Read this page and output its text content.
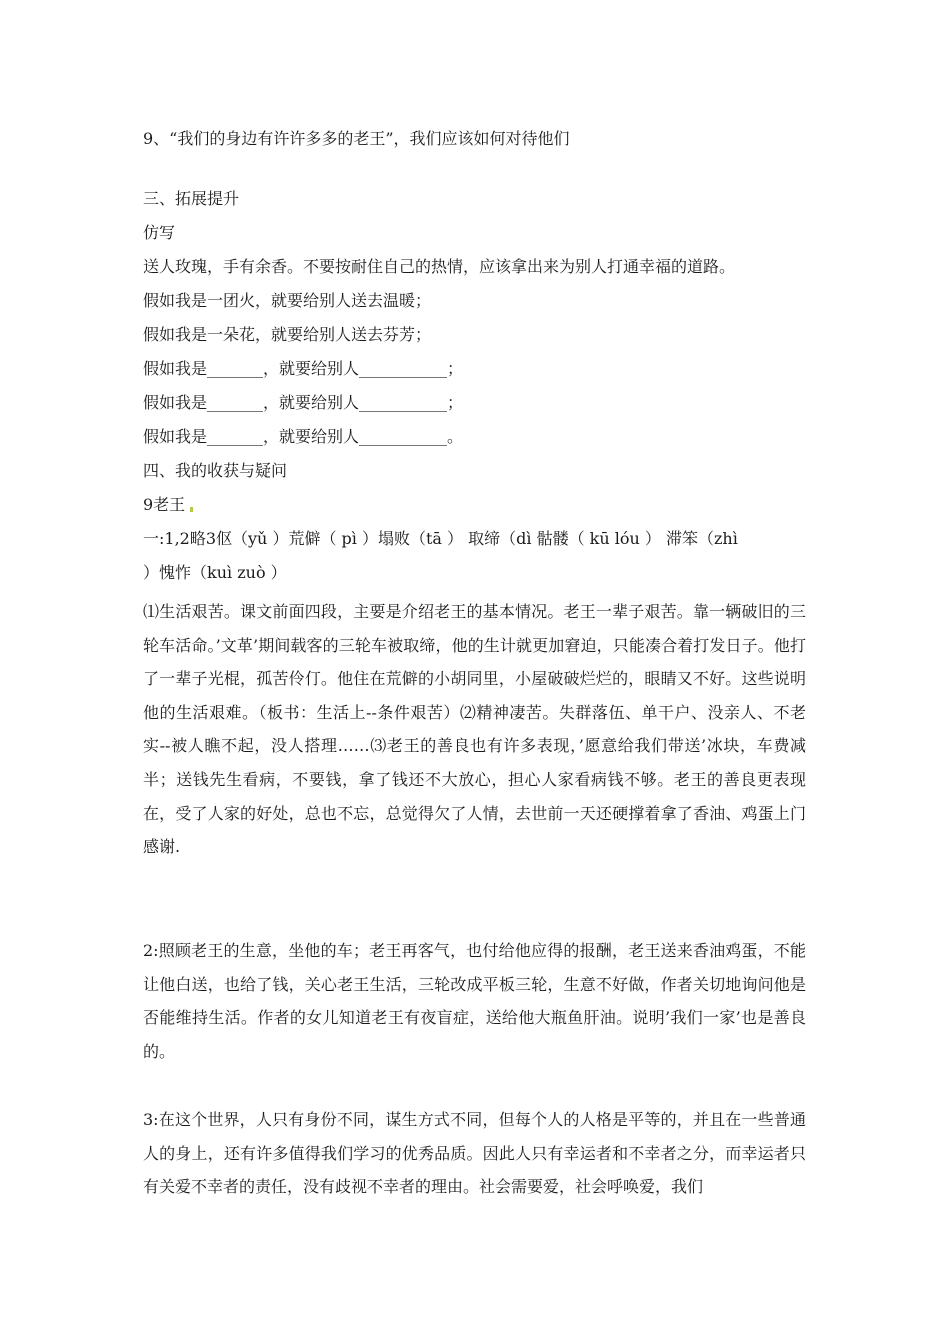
9、“我们的身边有许许多多的老王”，我们应该如何对待他们
三、拓展提升
仿写
送人玫瑰，手有余香。不要按耐住自己的热情，应该拿出来为别人打通幸福的道路。
假如我是一团火，就要给别人送去温暖；
假如我是一朵花，就要给别人送去芬芳；
假如我是_______，就要给别人___________；
假如我是_______，就要给别人___________；
假如我是_______，就要给别人___________。
四、我的收获与疑问
9老王
一:1,2略3伛（yǔ ）荒僻（ pì ）塌败（tā ） 取缔（dì 骷髅（ kū lóu ） 滞笨（zhì
）愧怍（kuì zuò ）

⑴生活艰苦。课文前面四段，主要是介绍老王的基本情况。老王一辈子艰苦。靠一辆破旧的三轮车活命。’文革’期间载客的三轮车被取缔，他的生计就更加窘迫，只能凑合着打发日子。他打了一辈子光棍，孤苦伶仃。他住在荒僻的小胡同里，小屋破破烂烂的，眼睛又不好。这些说明他的生活艰难。（板书：生活上--条件艰苦）⑵精神凄苦。失群落伍、单干户、没亲人、不老实--被人瞧不起，没人搭理……⑶老王的善良也有许多表现，’愿意给我们带送’冰块，车费减半；送钱先生看病，不要钱，拿了钱还不大放心，担心人家看病钱不够。老王的善良更表现在，受了人家的好处，总也不忘，总觉得欠了人情，去世前一天还硬撑着拿了香油、鸡蛋上门感谢.

2:照顾老王的生意，坐他的车；老王再客气，也付给他应得的报酬，老王送来香油鸡蛋，不能让他白送，也给了钱，关心老王生活，三轮改成平板三轮，生意不好做，作者关切地询问他是否能维持生活。作者的女儿知道老王有夜盲症，送给他大瓶鱼肝油。说明’我们一家’也是善良的。

3:在这个世界，人只有身份不同，谋生方式不同，但每个人的人格是平等的，并且在一些普通人的身上，还有许多值得我们学习的优秀品质。因此人只有幸运者和不幸者之分，而幸运者只有关爱不幸者的责任，没有歧视不幸者的理由。社会需要爱，社会呼唤爱，我们
